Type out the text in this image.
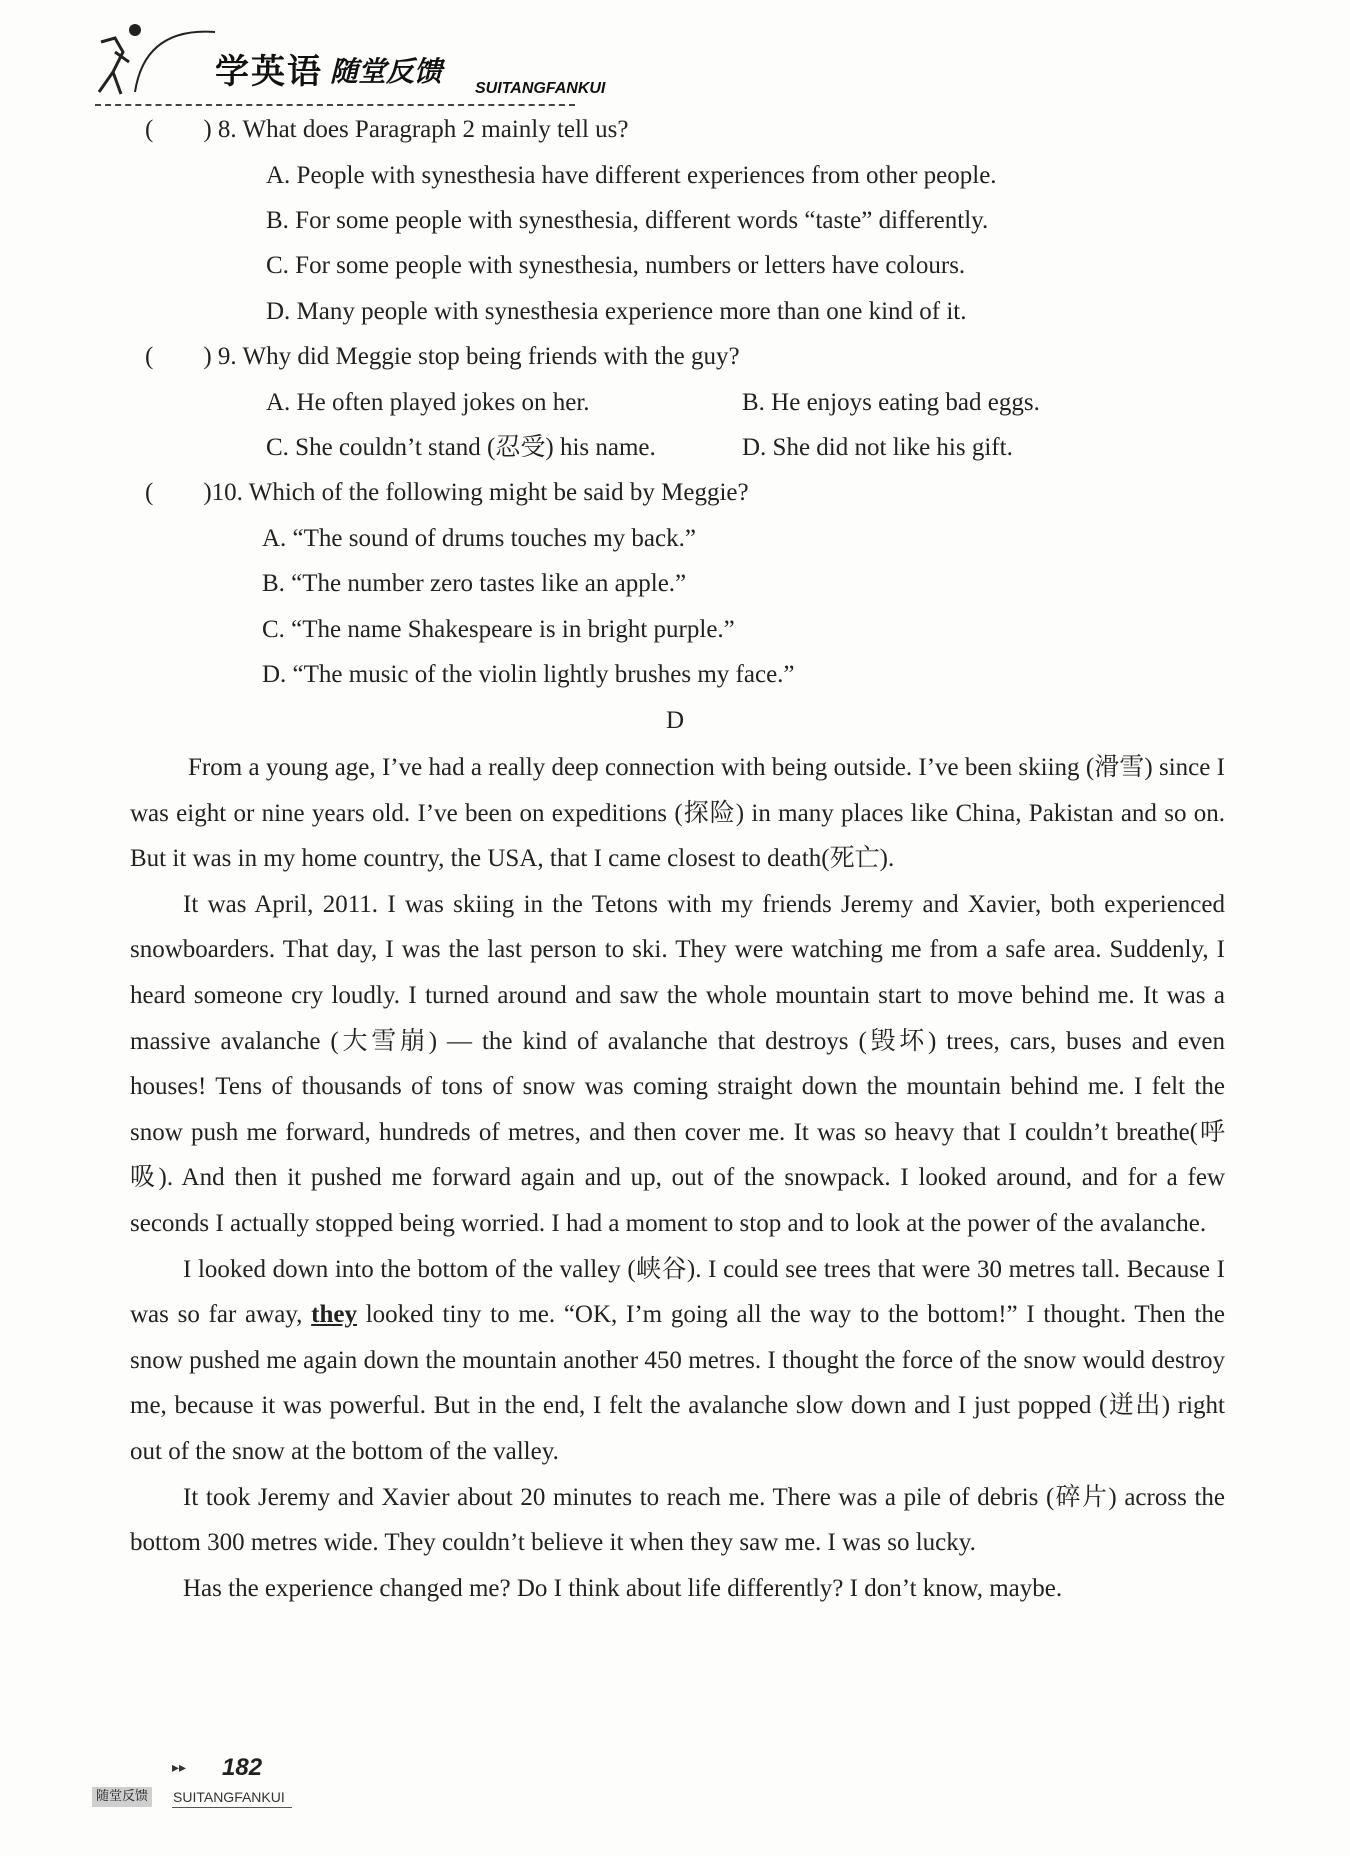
学英语 随堂反馈
SUITANGFANKUI
(　　) 8. What does Paragraph 2 mainly tell us?
A. People with synesthesia have different experiences from other people.
B. For some people with synesthesia, different words “taste” differently.
C. For some people with synesthesia, numbers or letters have colours.
D. Many people with synesthesia experience more than one kind of it.
(　　) 9. Why did Meggie stop being friends with the guy?
A. He often played jokes on her.	B. He enjoys eating bad eggs.
C. She couldn’t stand (忍受) his name.	D. She did not like his gift.
(　　)10. Which of the following might be said by Meggie?
A. “The sound of drums touches my back.”
B. “The number zero tastes like an apple.”
C. “The name Shakespeare is in bright purple.”
D. “The music of the violin lightly brushes my face.”
D

From a young age, I’ve had a really deep connection with being outside. I’ve been skiing (滑雪) since I was eight or nine years old. I’ve been on expeditions (探险) in many places like China, Pakistan and so on. But it was in my home country, the USA, that I came closest to death(死亡).

It was April, 2011. I was skiing in the Tetons with my friends Jeremy and Xavier, both experienced snowboarders. That day, I was the last person to ski. They were watching me from a safe area. Suddenly, I heard someone cry loudly. I turned around and saw the whole mountain start to move behind me. It was a massive avalanche (大雪崩) — the kind of avalanche that destroys (毁坏) trees, cars, buses and even houses! Tens of thousands of tons of snow was coming straight down the mountain behind me. I felt the snow push me forward, hundreds of metres, and then cover me. It was so heavy that I couldn’t breathe(呼吸). And then it pushed me forward again and up, out of the snowpack. I looked around, and for a few seconds I actually stopped being worried. I had a moment to stop and to look at the power of the avalanche.

I looked down into the bottom of the valley (峡谷). I could see trees that were 30 metres tall. Because I was so far away, they looked tiny to me. “OK, I’m going all the way to the bottom!” I thought. Then the snow pushed me again down the mountain another 450 metres. I thought the force of the snow would destroy me, because it was powerful. But in the end, I felt the avalanche slow down and I just popped (迸出) right out of the snow at the bottom of the valley.

It took Jeremy and Xavier about 20 minutes to reach me. There was a pile of debris (碎片) across the bottom 300 metres wide. They couldn’t believe it when they saw me. I was so lucky.

Has the experience changed me? Do I think about life differently? I don’t know, maybe.

▸▸ 182
随堂反馈 SUITANGFANKUI
